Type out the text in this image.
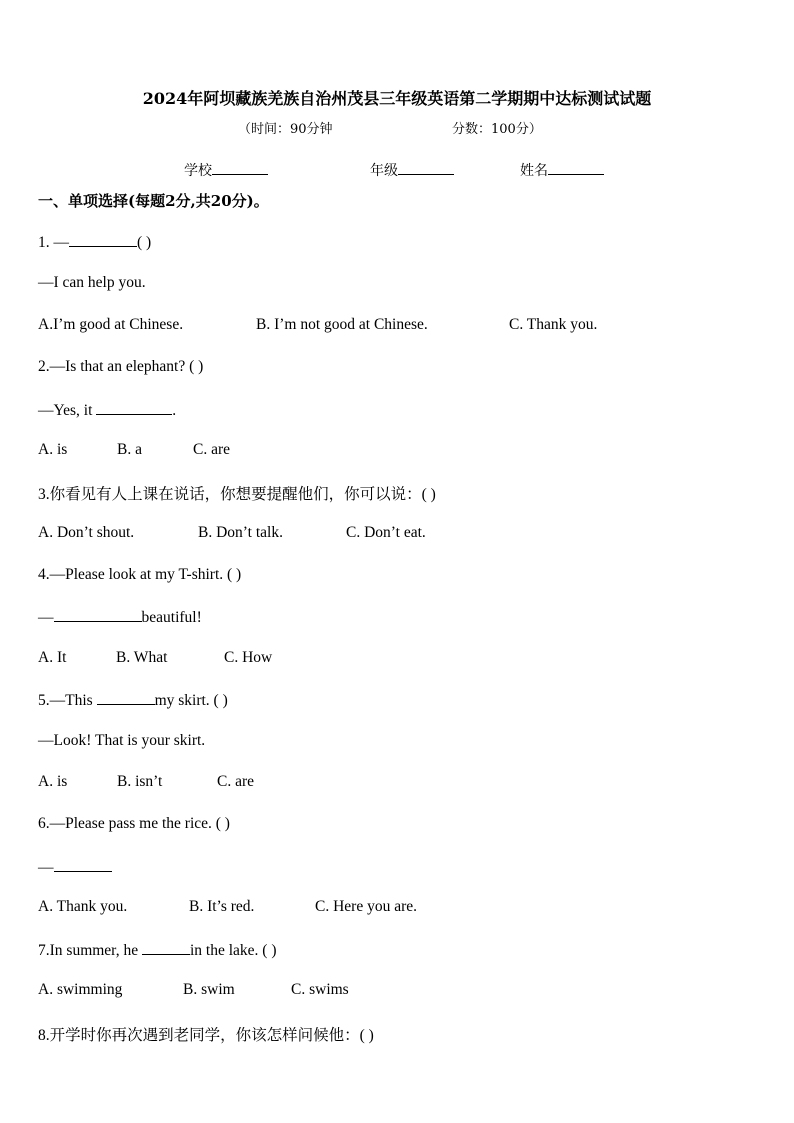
2024年阿坝藏族羌族自治州茂县三年级英语第二学期期中达标测试试题
（时间：90分钟	分数：100分）
学校	年级	姓名
一、单项选择(每题2分,共20分)。
1. —	( )
—I can help you.
A.I’m good at Chinese.	B. I’m not good at Chinese.	C. Thank you.
2.—Is that an elephant? ( )
—Yes, it	.
A. is	B. a	C. are
3.你看见有人上课在说话，你想要提醒他们，你可以说：( )
A. Don’t shout.	B. Don’t talk.	C. Don’t eat.
4.—Please look at my T-shirt. ( )
—	beautiful!
A. It	B. What	C. How
5.—This	my skirt. ( )
—Look! That is your skirt.
A. is	B. isn’t	C. are
6.—Please pass me the rice. ( )
—
A. Thank you.	B. It’s red.	C. Here you are.
7.In summer, he	in the lake. ( )
A. swimming	B. swim	C. swims
8.开学时你再次遇到老同学，你该怎样问候他：( )
